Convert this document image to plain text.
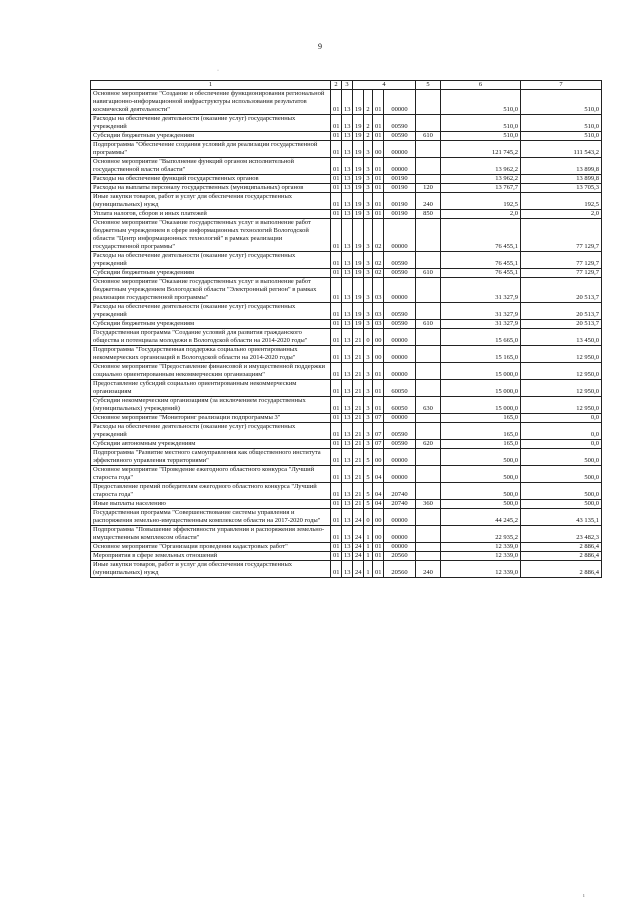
9
·
ı
1	2	3	4				5	6	7
Основное мероприятие "Создание и обеспечение функционирования региональной навигационно-информационной инфраструктуры использования результатов космической деятельности"	01	13	19	2	01	00000		510,0	510,0
Расходы на обеспечение деятельности (оказание услуг) государственных учреждений	01	13	19	2	01	00590		510,0	510,0
Субсидии бюджетным учреждениям	01	13	19	2	01	00590	610	510,0	510,0
Подпрограмма "Обеспечение создания условий для реализации государственной программы"	01	13	19	3	00	00000		121 745,2	111 543,2
Основное мероприятие "Выполнение функций органом исполнительной государственной власти области"	01	13	19	3	01	00000		13 962,2	13 899,8
Расходы на обеспечение функций государственных органов	01	13	19	3	01	00190		13 962,2	13 899,8
Расходы на выплаты персоналу государственных (муниципальных) органов	01	13	19	3	01	00190	120	13 767,7	13 705,3
Иные закупки товаров, работ и услуг для обеспечения государственных (муниципальных) нужд	01	13	19	3	01	00190	240	192,5	192,5
Уплата налогов, сборов и иных платежей	01	13	19	3	01	00190	850	2,0	2,0
Основное мероприятие "Оказание государственных услуг и выполнение работ бюджетным учреждением в сфере информационных технологий Вологодской области "Центр информационных технологий" в рамках реализации государственной программы"	01	13	19	3	02	00000		76 455,1	77 129,7
Расходы на обеспечение деятельности (оказание услуг) государственных учреждений	01	13	19	3	02	00590		76 455,1	77 129,7
Субсидии бюджетным учреждениям	01	13	19	3	02	00590	610	76 455,1	77 129,7
Основное мероприятие "Оказание государственных услуг и выполнение работ бюджетным учреждением Вологодской области "Электронный регион" в рамках реализации государственной программы"	01	13	19	3	03	00000		31 327,9	20 513,7
Расходы на обеспечение деятельности (оказание услуг) государственных учреждений	01	13	19	3	03	00590		31 327,9	20 513,7
Субсидии бюджетным учреждениям	01	13	19	3	03	00590	610	31 327,9	20 513,7
Государственная программа "Создание условий для развития гражданского общества и потенциала молодежи в Вологодской области на 2014-2020 годы"	01	13	21	0	00	00000		15 665,0	13 450,0
Подпрограмма "Государственная поддержка социально ориентированных некоммерческих организаций в Вологодской области на 2014-2020 годы"	01	13	21	3	00	00000		15 165,0	12 950,0
Основное мероприятие "Предоставление финансовой и имущественной поддержки социально ориентированным некоммерческим организациям"	01	13	21	3	01	00000		15 000,0	12 950,0
Предоставление субсидий социально ориентированным некоммерческим организациям	01	13	21	3	01	60050		15 000,0	12 950,0
Субсидии некоммерческим организациям (за исключением государственных (муниципальных) учреждений)	01	13	21	3	01	60050	630	15 000,0	12 950,0
Основное мероприятие "Мониторинг реализации подпрограммы 3"	01	13	21	3	07	00000		165,0	0,0
Расходы на обеспечение деятельности (оказание услуг) государственных учреждений	01	13	21	3	07	00590		165,0	0,0
Субсидии автономным учреждениям	01	13	21	3	07	00590	620	165,0	0,0
Подпрограмма "Развитие местного самоуправления как общественного института эффективного управления территориями"	01	13	21	5	00	00000		500,0	500,0
Основное мероприятие "Проведение ежегодного областного конкурса "Лучший староста года"	01	13	21	5	04	00000		500,0	500,0
Предоставление премий победителям ежегодного областного конкурса "Лучший староста года"	01	13	21	5	04	20740		500,0	500,0
Иные выплаты населению	01	13	21	5	04	20740	360	500,0	500,0
Государственная программа "Совершенствование системы управления и распоряжения земельно-имущественным комплексом области на 2017-2020 годы"	01	13	24	0	00	00000		44 245,2	43 135,1
Подпрограмма "Повышение эффективности управления и распоряжения земельно-имущественным комплексом области"	01	13	24	1	00	00000		22 935,2	23 482,3
Основное мероприятие "Организация проведения кадастровых работ"	01	13	24	1	01	00000		12 339,0	2 886,4
Мероприятия в сфере земельных отношений	01	13	24	1	01	20560		12 339,0	2 886,4
Иные закупки товаров, работ и услуг для обеспечения государственных (муниципальных) нужд	01	13	24	1	01	20560	240	12 339,0	2 886,4
